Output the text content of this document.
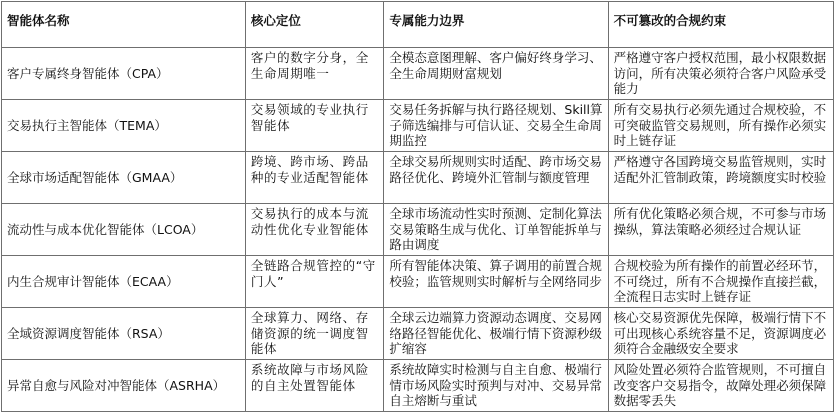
智能体名称	核心定位	专属能力边界	不可篡改的合规约束
客户专属终身智能体（CPA）	客户的数字分身，全生命周期唯一	全模态意图理解、客户偏好终身学习、全生命周期财富规划	严格遵守客户授权范围，最小权限数据访问，所有决策必须符合客户风险承受能力
交易执行主智能体（TEMA）	交易领域的专业执行智能体	交易任务拆解与执行路径规划、Skill算子筛选编排与可信认证、交易全生命周期监控	所有交易执行必须先通过合规校验，不可突破监管交易规则，所有操作必须实时上链存证
全球市场适配智能体（GMAA）	跨境、跨市场、跨品种的专业适配智能体	全球交易所规则实时适配、跨市场交易路径优化、跨境外汇管制与额度管理	严格遵守各国跨境交易监管规则，实时适配外汇管制政策，跨境额度实时校验
流动性与成本优化智能体（LCOA）	交易执行的成本与流动性优化专业智能体	全球市场流动性实时预测、定制化算法交易策略生成与优化、订单智能拆单与路由调度	所有优化策略必须合规，不可参与市场操纵，算法策略必须经过合规认证
内生合规审计智能体（ECAA）	全链路合规管控的“守门人”	所有智能体决策、算子调用的前置合规校验；监管规则实时解析与全网络同步	合规校验为所有操作的前置必经环节，不可绕过，所有不合规操作直接拦截，全流程日志实时上链存证
全域资源调度智能体（RSA）	全球算力、网络、存储资源的统一调度智能体	全球云边端算力资源动态调度、交易网络路径智能优化、极端行情下资源秒级扩缩容	核心交易资源优先保障，极端行情下不可出现核心系统容量不足，资源调度必须符合金融级安全要求
异常自愈与风险对冲智能体（ASRHA）	系统故障与市场风险的自主处置智能体	系统故障实时检测与自主自愈、极端行情市场风险实时预判与对冲、交易异常自主熔断与重试	风险处置必须符合监管规则，不可擅自改变客户交易指令，故障处理必须保障数据零丢失
